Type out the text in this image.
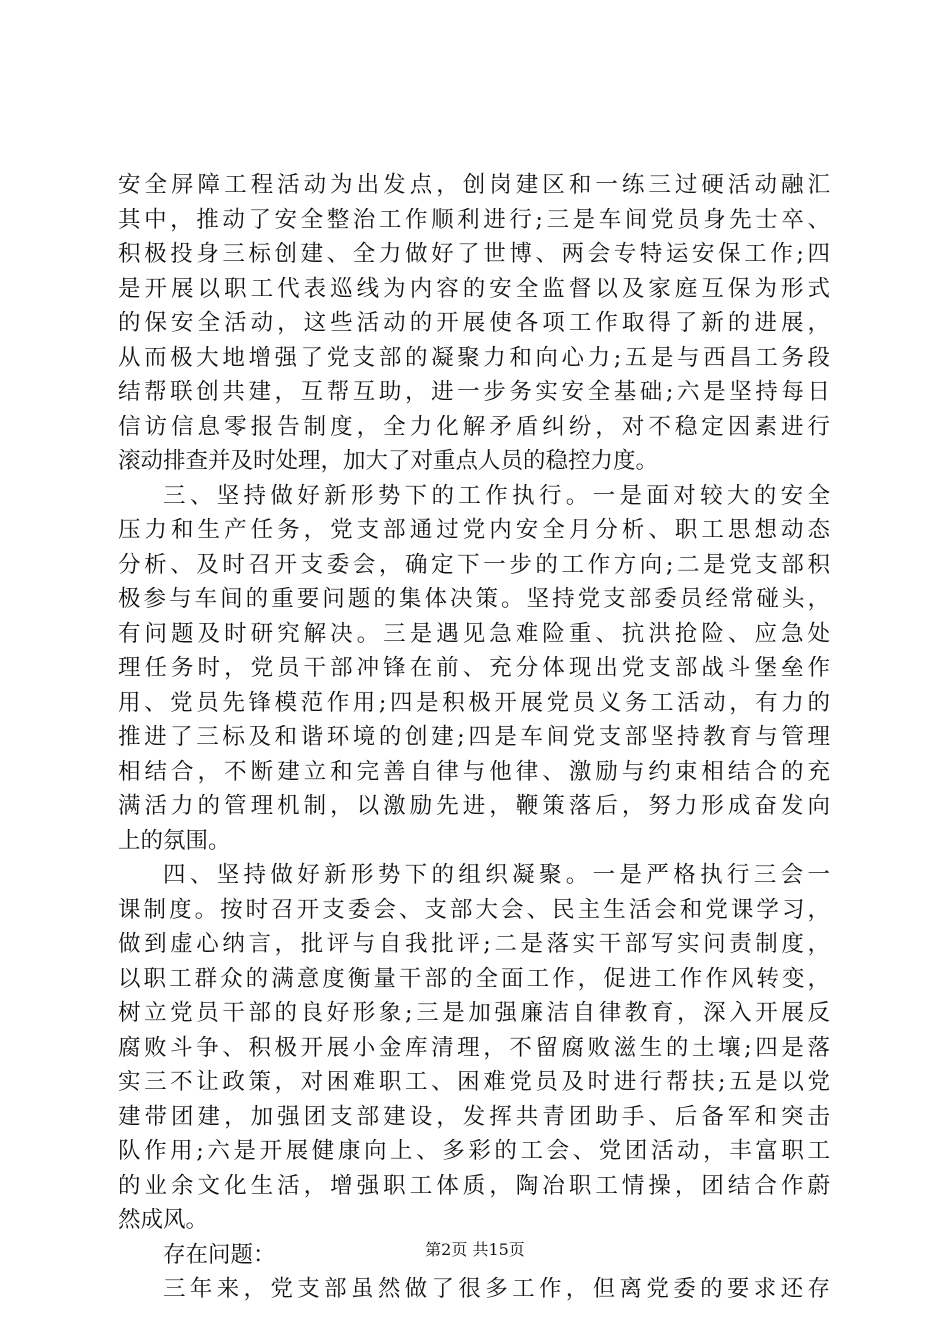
安全屏障工程活动为出发点，创岗建区和一练三过硬活动融汇
其中，推动了安全整治工作顺利进行;三是车间党员身先士卒、
积极投身三标创建、全力做好了世博、两会专特运安保工作;四
是开展以职工代表巡线为内容的安全监督以及家庭互保为形式
的保安全活动，这些活动的开展使各项工作取得了新的进展，
从而极大地增强了党支部的凝聚力和向心力;五是与西昌工务段
结帮联创共建，互帮互助，进一步务实安全基础;六是坚持每日
信访信息零报告制度，全力化解矛盾纠纷，对不稳定因素进行
滚动排查并及时处理，加大了对重点人员的稳控力度。
三、坚持做好新形势下的工作执行。一是面对较大的安全
压力和生产任务，党支部通过党内安全月分析、职工思想动态
分析、及时召开支委会，确定下一步的工作方向;二是党支部积
极参与车间的重要问题的集体决策。坚持党支部委员经常碰头，
有问题及时研究解决。三是遇见急难险重、抗洪抢险、应急处
理任务时，党员干部冲锋在前、充分体现出党支部战斗堡垒作
用、党员先锋模范作用;四是积极开展党员义务工活动，有力的
推进了三标及和谐环境的创建;四是车间党支部坚持教育与管理
相结合，不断建立和完善自律与他律、激励与约束相结合的充
满活力的管理机制，以激励先进，鞭策落后，努力形成奋发向
上的氛围。
四、坚持做好新形势下的组织凝聚。一是严格执行三会一
课制度。按时召开支委会、支部大会、民主生活会和党课学习，
做到虚心纳言，批评与自我批评;二是落实干部写实问责制度，
以职工群众的满意度衡量干部的全面工作，促进工作作风转变，
树立党员干部的良好形象;三是加强廉洁自律教育，深入开展反
腐败斗争、积极开展小金库清理，不留腐败滋生的土壤;四是落
实三不让政策，对困难职工、困难党员及时进行帮扶;五是以党
建带团建，加强团支部建设，发挥共青团助手、后备军和突击
队作用;六是开展健康向上、多彩的工会、党团活动，丰富职工
的业余文化生活，增强职工体质，陶冶职工情操，团结合作蔚
然成风。
存在问题：
三年来，党支部虽然做了很多工作，但离党委的要求还存
第2页 共15页
